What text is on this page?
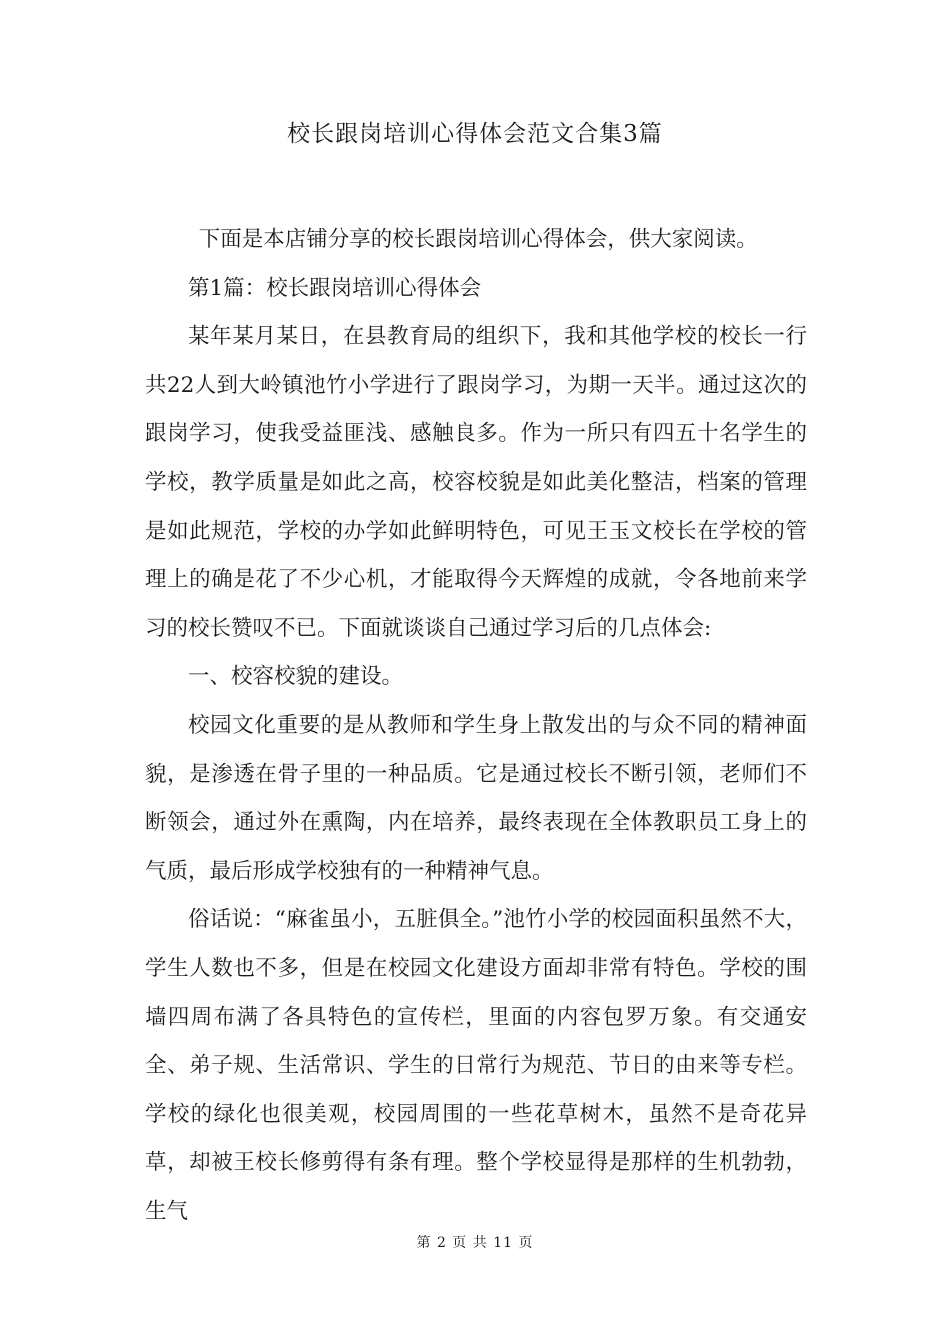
校长跟岗培训心得体会范文合集3篇

下面是本店铺分享的校长跟岗培训心得体会，供大家阅读。

第1篇：校长跟岗培训心得体会

某年某月某日，在县教育局的组织下，我和其他学校的校长一行共22人到大岭镇池竹小学进行了跟岗学习，为期一天半。通过这次的跟岗学习，使我受益匪浅、感触良多。作为一所只有四五十名学生的学校，教学质量是如此之高，校容校貌是如此美化整洁，档案的管理是如此规范，学校的办学如此鲜明特色，可见王玉文校长在学校的管理上的确是花了不少心机，才能取得今天辉煌的成就，令各地前来学习的校长赞叹不已。下面就谈谈自己通过学习后的几点体会:

一、校容校貌的建设。

校园文化重要的是从教师和学生身上散发出的与众不同的精神面貌，是渗透在骨子里的一种品质。它是通过校长不断引领，老师们不断领会，通过外在熏陶，内在培养，最终表现在全体教职员工身上的气质，最后形成学校独有的一种精神气息。

俗话说：“麻雀虽小，五脏俱全。”池竹小学的校园面积虽然不大，学生人数也不多，但是在校园文化建设方面却非常有特色。学校的围墙四周布满了各具特色的宣传栏，里面的内容包罗万象。有交通安全、弟子规、生活常识、学生的日常行为规范、节日的由来等专栏。学校的绿化也很美观，校园周围的一些花草树木，虽然不是奇花异草，却被王校长修剪得有条有理。整个学校显得是那样的生机勃勃，生气

第 2 页 共 11 页
